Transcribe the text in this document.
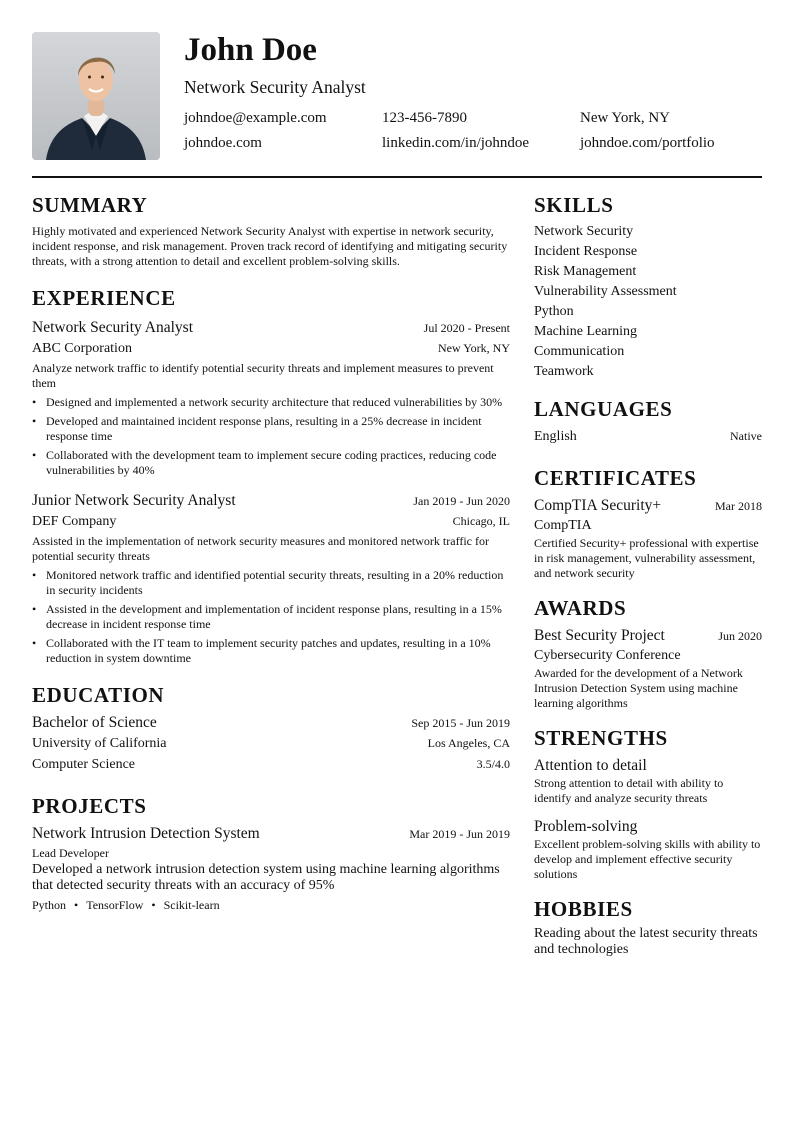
John Doe
Network Security Analyst
johndoe@example.com	123-456-7890	New York, NY
johndoe.com	linkedin.com/in/johndoe	johndoe.com/portfolio
SUMMARY
Highly motivated and experienced Network Security Analyst with expertise in network security, incident response, and risk management. Proven track record of identifying and mitigating security threats, with a strong attention to detail and excellent problem-solving skills.
EXPERIENCE
Network Security Analyst	Jul 2020 - Present
ABC Corporation	New York, NY
Analyze network traffic to identify potential security threats and implement measures to prevent them
• Designed and implemented a network security architecture that reduced vulnerabilities by 30%
• Developed and maintained incident response plans, resulting in a 25% decrease in incident response time
• Collaborated with the development team to implement secure coding practices, reducing code vulnerabilities by 40%
Junior Network Security Analyst	Jan 2019 - Jun 2020
DEF Company	Chicago, IL
Assisted in the implementation of network security measures and monitored network traffic for potential security threats
• Monitored network traffic and identified potential security threats, resulting in a 20% reduction in security incidents
• Assisted in the development and implementation of incident response plans, resulting in a 15% decrease in incident response time
• Collaborated with the IT team to implement security patches and updates, resulting in a 10% reduction in system downtime
EDUCATION
Bachelor of Science	Sep 2015 - Jun 2019
University of California	Los Angeles, CA
Computer Science	3.5/4.0
PROJECTS
Network Intrusion Detection System	Mar 2019 - Jun 2019
Lead Developer
Developed a network intrusion detection system using machine learning algorithms that detected security threats with an accuracy of 95%
Python • TensorFlow • Scikit-learn
SKILLS
Network Security
Incident Response
Risk Management
Vulnerability Assessment
Python
Machine Learning
Communication
Teamwork
LANGUAGES
English	Native
CERTIFICATES
CompTIA Security+	Mar 2018
CompTIA
Certified Security+ professional with expertise in risk management, vulnerability assessment, and network security
AWARDS
Best Security Project	Jun 2020
Cybersecurity Conference
Awarded for the development of a Network Intrusion Detection System using machine learning algorithms
STRENGTHS
Attention to detail
Strong attention to detail with ability to identify and analyze security threats
Problem-solving
Excellent problem-solving skills with ability to develop and implement effective security solutions
HOBBIES
Reading about the latest security threats and technologies
